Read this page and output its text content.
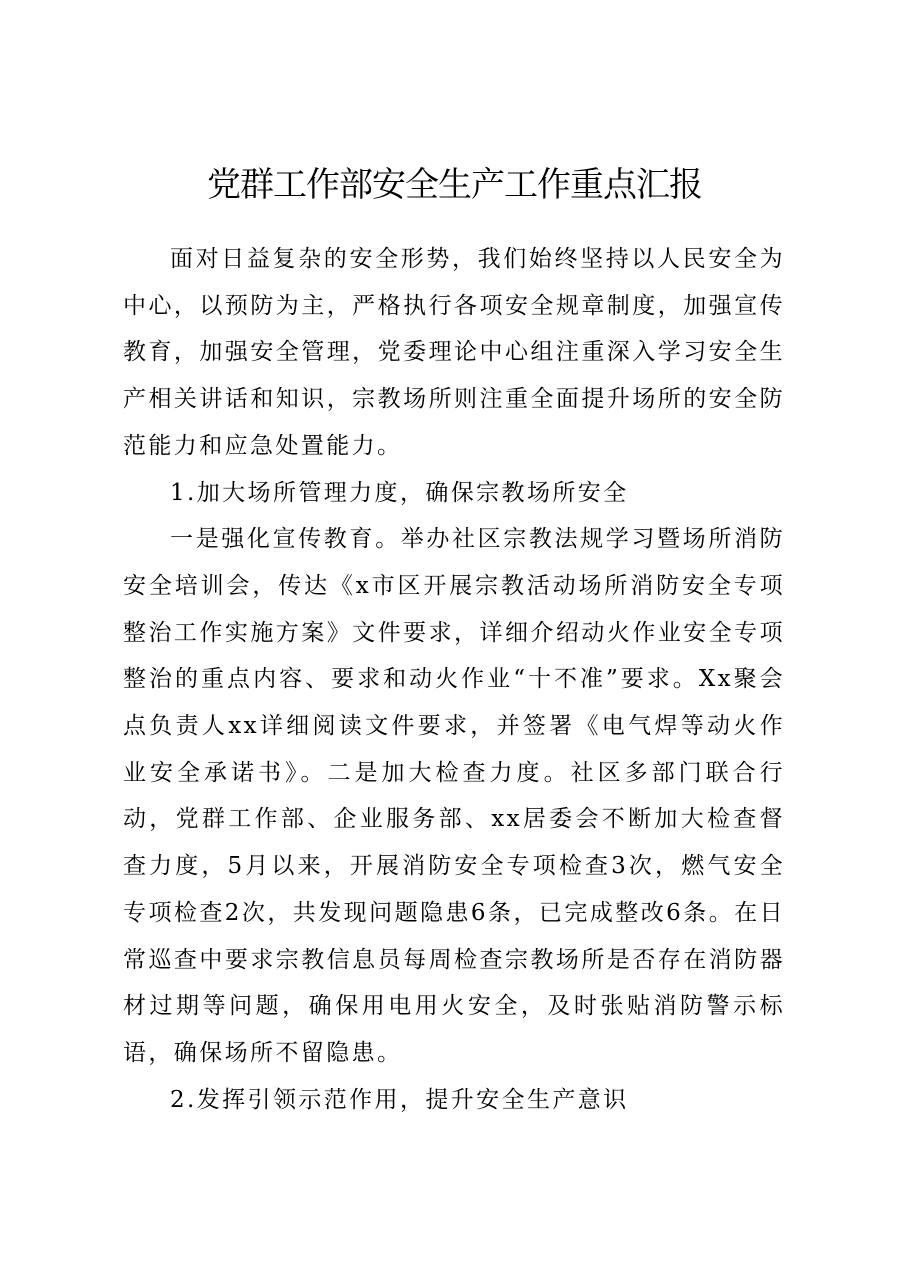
党群工作部安全生产工作重点汇报

面对日益复杂的安全形势，我们始终坚持以人民安全为中心，以预防为主，严格执行各项安全规章制度，加强宣传教育，加强安全管理，党委理论中心组注重深入学习安全生产相关讲话和知识，宗教场所则注重全面提升场所的安全防范能力和应急处置能力。

1.加大场所管理力度，确保宗教场所安全

一是强化宣传教育。举办社区宗教法规学习暨场所消防安全培训会，传达《x市区开展宗教活动场所消防安全专项整治工作实施方案》文件要求，详细介绍动火作业安全专项整治的重点内容、要求和动火作业“十不准”要求。Xx聚会点负责人xx详细阅读文件要求，并签署《电气焊等动火作业安全承诺书》。二是加大检查力度。社区多部门联合行动，党群工作部、企业服务部、xx居委会不断加大检查督查力度，5月以来，开展消防安全专项检查3次，燃气安全专项检查2次，共发现问题隐患6条，已完成整改6条。在日常巡查中要求宗教信息员每周检查宗教场所是否存在消防器材过期等问题，确保用电用火安全，及时张贴消防警示标语，确保场所不留隐患。

2.发挥引领示范作用，提升安全生产意识
